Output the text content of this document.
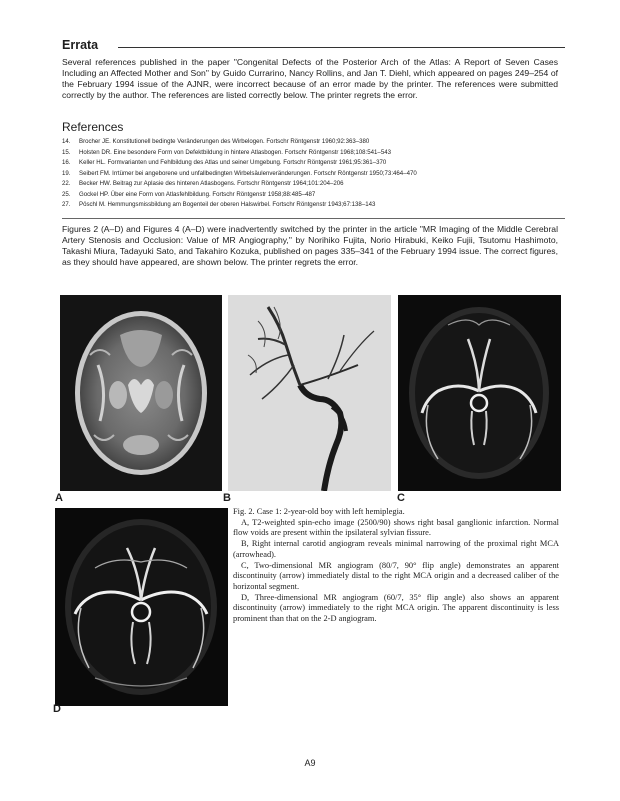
Errata
Several references published in the paper "Congenital Defects of the Posterior Arch of the Atlas: A Report of Seven Cases Including an Affected Mother and Son" by Guido Currarino, Nancy Rollins, and Jan T. Diehl, which appeared on pages 249–254 of the February 1994 issue of the AJNR, were incorrect because of an error made by the printer. The references were submitted correctly by the author. The references are listed correctly below. The printer regrets the error.
References
14. Brocher JE. Konstitutionell bedingte Veränderungen des Wirbelogen. Fortschr Röntgenstr 1960;92:363–380
15. Holsten DR. Eine besondere Form von Defektbildung in hintere Atlasbogen. Fortschr Röntgenstr 1968;108:541–543
16. Keller HL. Formvarianten und Fehlbildung des Atlas und seiner Umgebung. Fortschr Röntgenstr 1961;95:361–370
19. Seibert FM. Irrtümer bei angeborene und unfallbedingten Wirbelsäulenveränderungen. Fortschr Röntgenstr 1950;73:464–470
22. Becker HW. Beitrag zur Aplasie des hinteren Atlasbogens. Fortschr Röntgenstr 1964;101:204–206
25. Gockel HP. Über eine Form von Atlasfehlbildung. Fortschr Röntgenstr 1958;88:485–487
27. Pöschl M. Hemmungsmissbildung am Bogenteil der oberen Halswirbel. Fortschr Röntgenstr 1943;67:138–143
Figures 2 (A–D) and Figures 4 (A–D) were inadvertently switched by the printer in the article "MR Imaging of the Middle Cerebral Artery Stenosis and Occlusion: Value of MR Angiography," by Norihiko Fujita, Norio Hirabuki, Keiko Fujii, Tsutomu Hashimoto, Takashi Miura, Tadayuki Sato, and Takahiro Kozuka, published on pages 335–341 of the February 1994 issue. The correct figures, as they should have appeared, are shown below. The printer regrets the error.
A	B	C
D

Fig. 2. Case 1: 2-year-old boy with left hemiplegia.

A, T2-weighted spin-echo image (2500/90) shows right basal ganglionic infarction. Normal flow voids are present within the ipsilateral sylvian fissure.

B, Right internal carotid angiogram reveals minimal narrowing of the proximal right MCA (arrowhead).

C, Two-dimensional MR angiogram (80/7, 90° flip angle) demonstrates an apparent discontinuity (arrow) immediately distal to the right MCA origin and a decreased caliber of the horizontal segment.

D, Three-dimensional MR angiogram (60/7, 35° flip angle) also shows an apparent discontinuity (arrow) immediately to the right MCA origin. The apparent discontinuity is less prominent than that on the 2-D angiogram.

A9
